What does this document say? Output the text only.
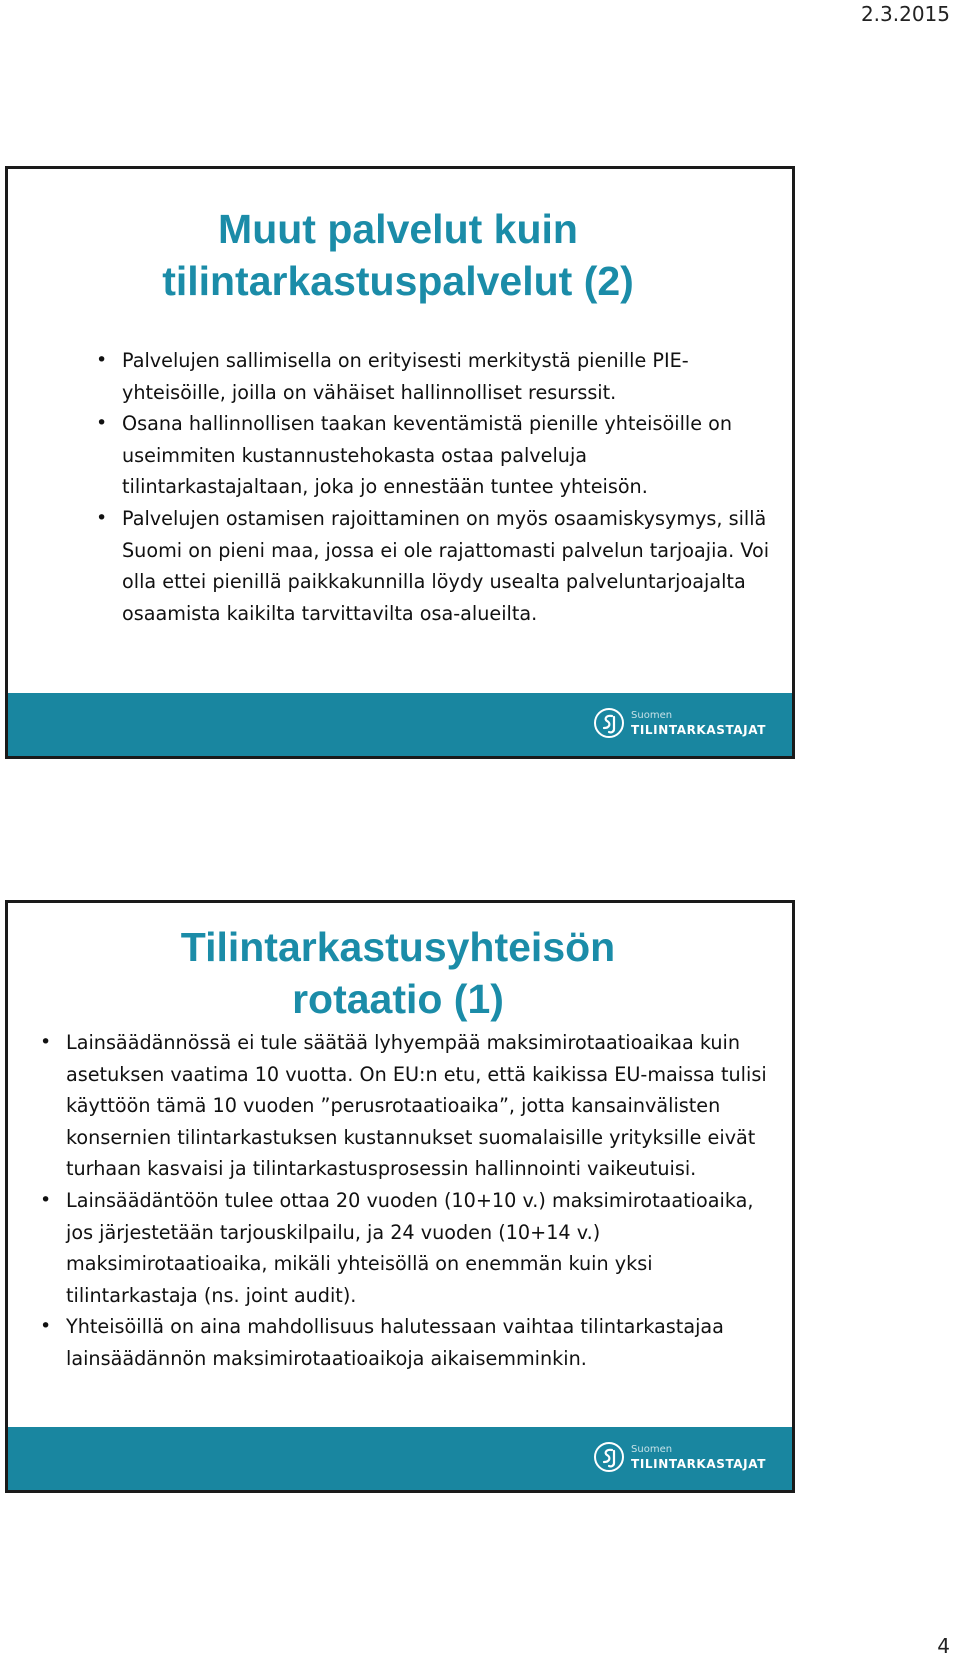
2.3.2015
Muut palvelut kuin
tilintarkastuspalvelut (2)
• Palvelujen sallimisella on erityisesti merkitystä pienille PIE-yhteisöille, joilla on vähäiset hallinnolliset resurssit.
• Osana hallinnollisen taakan keventämistä pienille yhteisöille on useimmiten kustannustehokasta ostaa palveluja tilintarkastajaltaan, joka jo ennestään tuntee yhteisön.
• Palvelujen ostamisen rajoittaminen on myös osaamiskysymys, sillä Suomi on pieni maa, jossa ei ole rajattomasti palvelun tarjoajia. Voi olla ettei pienillä paikkakunnilla löydy usealta palveluntarjoajalta osaamista kaikilta tarvittavilta osa-alueilta.
Suomen
TILINTARKASTAJAT
Tilintarkastusyhteisön
rotaatio (1)
• Lainsäädännössä ei tule säätää lyhyempää maksimirotaatioaikaa kuin asetuksen vaatima 10 vuotta. On EU:n etu, että kaikissa EU-maissa tulisi käyttöön tämä 10 vuoden ”perusrotaatioaika”, jotta kansainvälisten konsernien tilintarkastuksen kustannukset suomalaisille yrityksille eivät turhaan kasvaisi ja tilintarkastusprosessin hallinnointi vaikeutuisi.
• Lainsäädäntöön tulee ottaa 20 vuoden (10+10 v.) maksimirotaatioaika, jos järjestetään tarjouskilpailu, ja 24 vuoden (10+14 v.) maksimirotaatioaika, mikäli yhteisöllä on enemmän kuin yksi tilintarkastaja (ns. joint audit).
• Yhteisöillä on aina mahdollisuus halutessaan vaihtaa tilintarkastajaa lainsäädännön maksimirotaatioaikoja aikaisemminkin.
Suomen
TILINTARKASTAJAT
4
